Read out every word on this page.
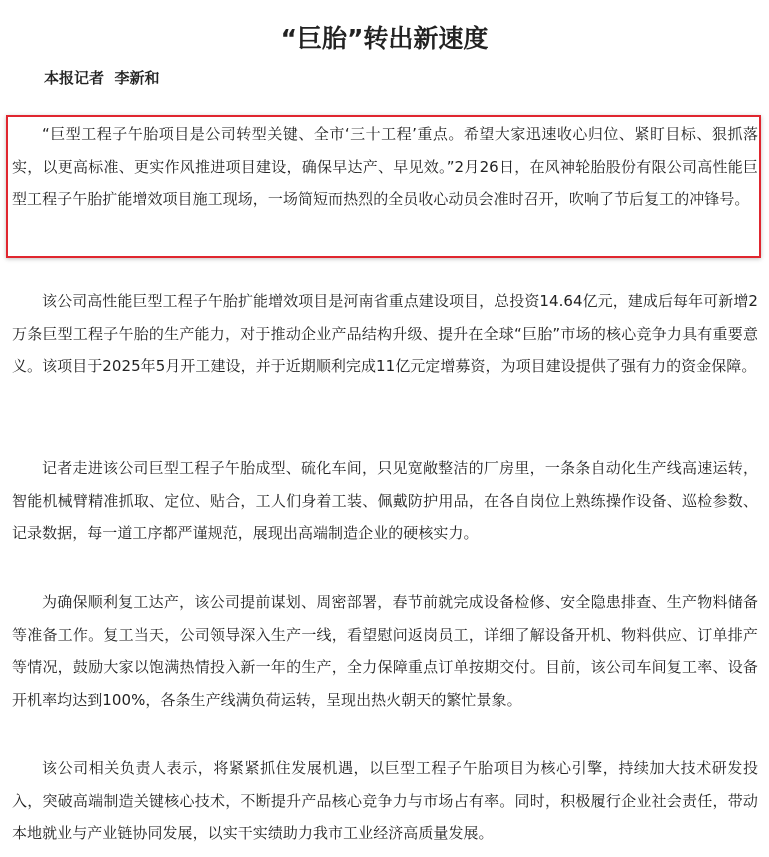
“巨胎”转出新速度
本报记者  李新和

“巨型工程子午胎项目是公司转型关键、全市‘三十工程’重点。希望大家迅速收心归位、紧盯目标、狠抓落实，以更高标准、更实作风推进项目建设，确保早达产、早见效。”2月26日，在风神轮胎股份有限公司高性能巨型工程子午胎扩能增效项目施工现场，一场简短而热烈的全员收心动员会准时召开，吹响了节后复工的冲锋号。

该公司高性能巨型工程子午胎扩能增效项目是河南省重点建设项目，总投资14.64亿元，建成后每年可新增2万条巨型工程子午胎的生产能力，对于推动企业产品结构升级、提升在全球“巨胎”市场的核心竞争力具有重要意义。该项目于2025年5月开工建设，并于近期顺利完成11亿元定增募资，为项目建设提供了强有力的资金保障。

记者走进该公司巨型工程子午胎成型、硫化车间，只见宽敞整洁的厂房里，一条条自动化生产线高速运转，智能机械臂精准抓取、定位、贴合，工人们身着工装、佩戴防护用品，在各自岗位上熟练操作设备、巡检参数、记录数据，每一道工序都严谨规范，展现出高端制造企业的硬核实力。

为确保顺利复工达产，该公司提前谋划、周密部署，春节前就完成设备检修、安全隐患排查、生产物料储备等准备工作。复工当天，公司领导深入生产一线，看望慰问返岗员工，详细了解设备开机、物料供应、订单排产等情况，鼓励大家以饱满热情投入新一年的生产，全力保障重点订单按期交付。目前，该公司车间复工率、设备开机率均达到100%，各条生产线满负荷运转，呈现出热火朝天的繁忙景象。

该公司相关负责人表示，将紧紧抓住发展机遇，以巨型工程子午胎项目为核心引擎，持续加大技术研发投入，突破高端制造关键核心技术，不断提升产品核心竞争力与市场占有率。同时，积极履行企业社会责任，带动本地就业与产业链协同发展，以实干实绩助力我市工业经济高质量发展。
